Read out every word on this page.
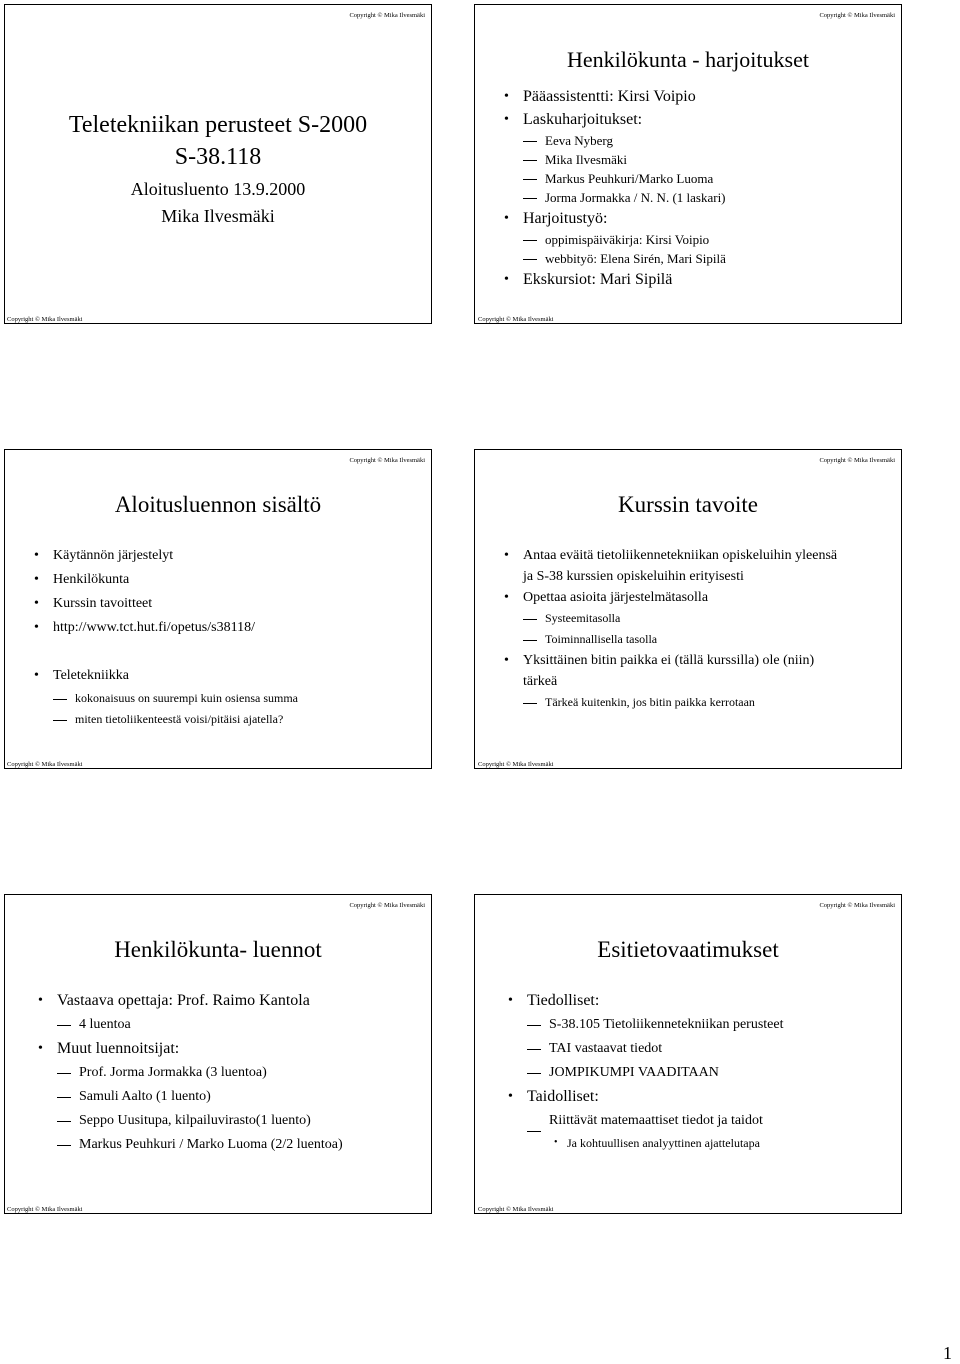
Copyright © Mika Ilvesmäki
Teletekniikan perusteet S-2000
S-38.118
Aloitusluento 13.9.2000
Mika Ilvesmäki
Copyright © Mika Ilvesmäki
Copyright © Mika Ilvesmäki
Henkilökunta - harjoitukset
• Pääassistentti: Kirsi Voipio
• Laskuharjoitukset:
Eeva Nyberg
Mika Ilvesmäki
Markus Peuhkuri/Marko Luoma
Jorma Jormakka / N. N. (1 laskari)
• Harjoitustyö:
oppimispäiväkirja: Kirsi Voipio
webbityö: Elena Sirén, Mari Sipilä
• Ekskursiot: Mari Sipilä
Copyright © Mika Ilvesmäki
Copyright © Mika Ilvesmäki
Aloitusluennon sisältö
• Käytännön järjestelyt
• Henkilökunta
• Kurssin tavoitteet
• http://www.tct.hut.fi/opetus/s38118/
• Teletekniikka
kokonaisuus on suurempi kuin osiensa summa
miten tietoliikenteestä voisi/pitäisi ajatella?
Copyright © Mika Ilvesmäki
Copyright © Mika Ilvesmäki
Kurssin tavoite
• Antaa eväitä tietoliikennetekniikan opiskeluihin yleensä ja S-38 kurssien opiskeluihin erityisesti
• Opettaa asioita järjestelmätasolla
Systeemitasolla
Toiminnallisella tasolla
• Yksittäinen bitin paikka ei (tällä kurssilla) ole (niin) tärkeä
Tärkeä kuitenkin, jos bitin paikka kerrotaan
Copyright © Mika Ilvesmäki
Copyright © Mika Ilvesmäki
Henkilökunta- luennot
• Vastaava opettaja: Prof. Raimo Kantola
4 luentoa
• Muut luennoitsijat:
Prof. Jorma Jormakka (3 luentoa)
Samuli Aalto (1 luento)
Seppo Uusitupa, kilpailuvirasto(1 luento)
Markus Peuhkuri / Marko Luoma (2/2 luentoa)
Copyright © Mika Ilvesmäki
Copyright © Mika Ilvesmäki
Esitietovaatimukset
• Tiedolliset:
S-38.105 Tietoliikennetekniikan perusteet
TAI vastaavat tiedot
JOMPIKUMPI VAADITAAN
• Taidolliset:
Riittävät matemaattiset tiedot ja taidot
• Ja kohtuullisen analyyttinen ajattelutapa
Copyright © Mika Ilvesmäki
1
